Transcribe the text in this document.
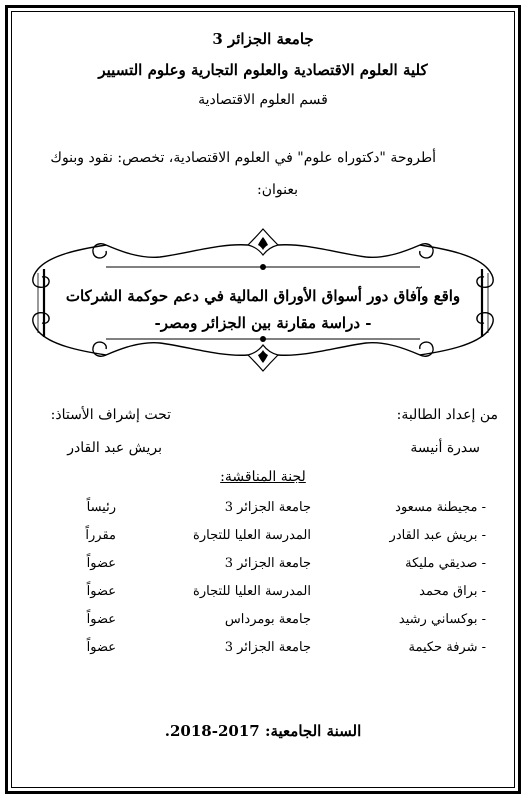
جامعة الجزائر 3
كلية العلوم الاقتصادية والعلوم التجارية وعلوم التسيير
قسم العلوم الاقتصادية
أطروحة "دكتوراه علوم" في العلوم الاقتصادية، تخصص: نقود وبنوك
بعنوان:
واقع وآفاق دور أسواق الأوراق المالية في دعم حوكمة الشركات
- دراسة مقارنة بين الجزائر ومصر-
من إعداد الطالبة:
تحت إشراف الأستاذ:
سدرة أنيسة
بريش عبد القادر
لجنة المناقشة:
- مجيطنة مسعود
جامعة الجزائر 3
رئيساً
- بريش عبد القادر
المدرسة العليا للتجارة
مقرراً
- صديقي مليكة
جامعة الجزائر 3
عضواً
- براق محمد
المدرسة العليا للتجارة
عضواً
- بوكساني رشيد
جامعة بومرداس
عضواً
- شرفة حكيمة
جامعة الجزائر 3
عضواً
السنة الجامعية: 2017-2018.
